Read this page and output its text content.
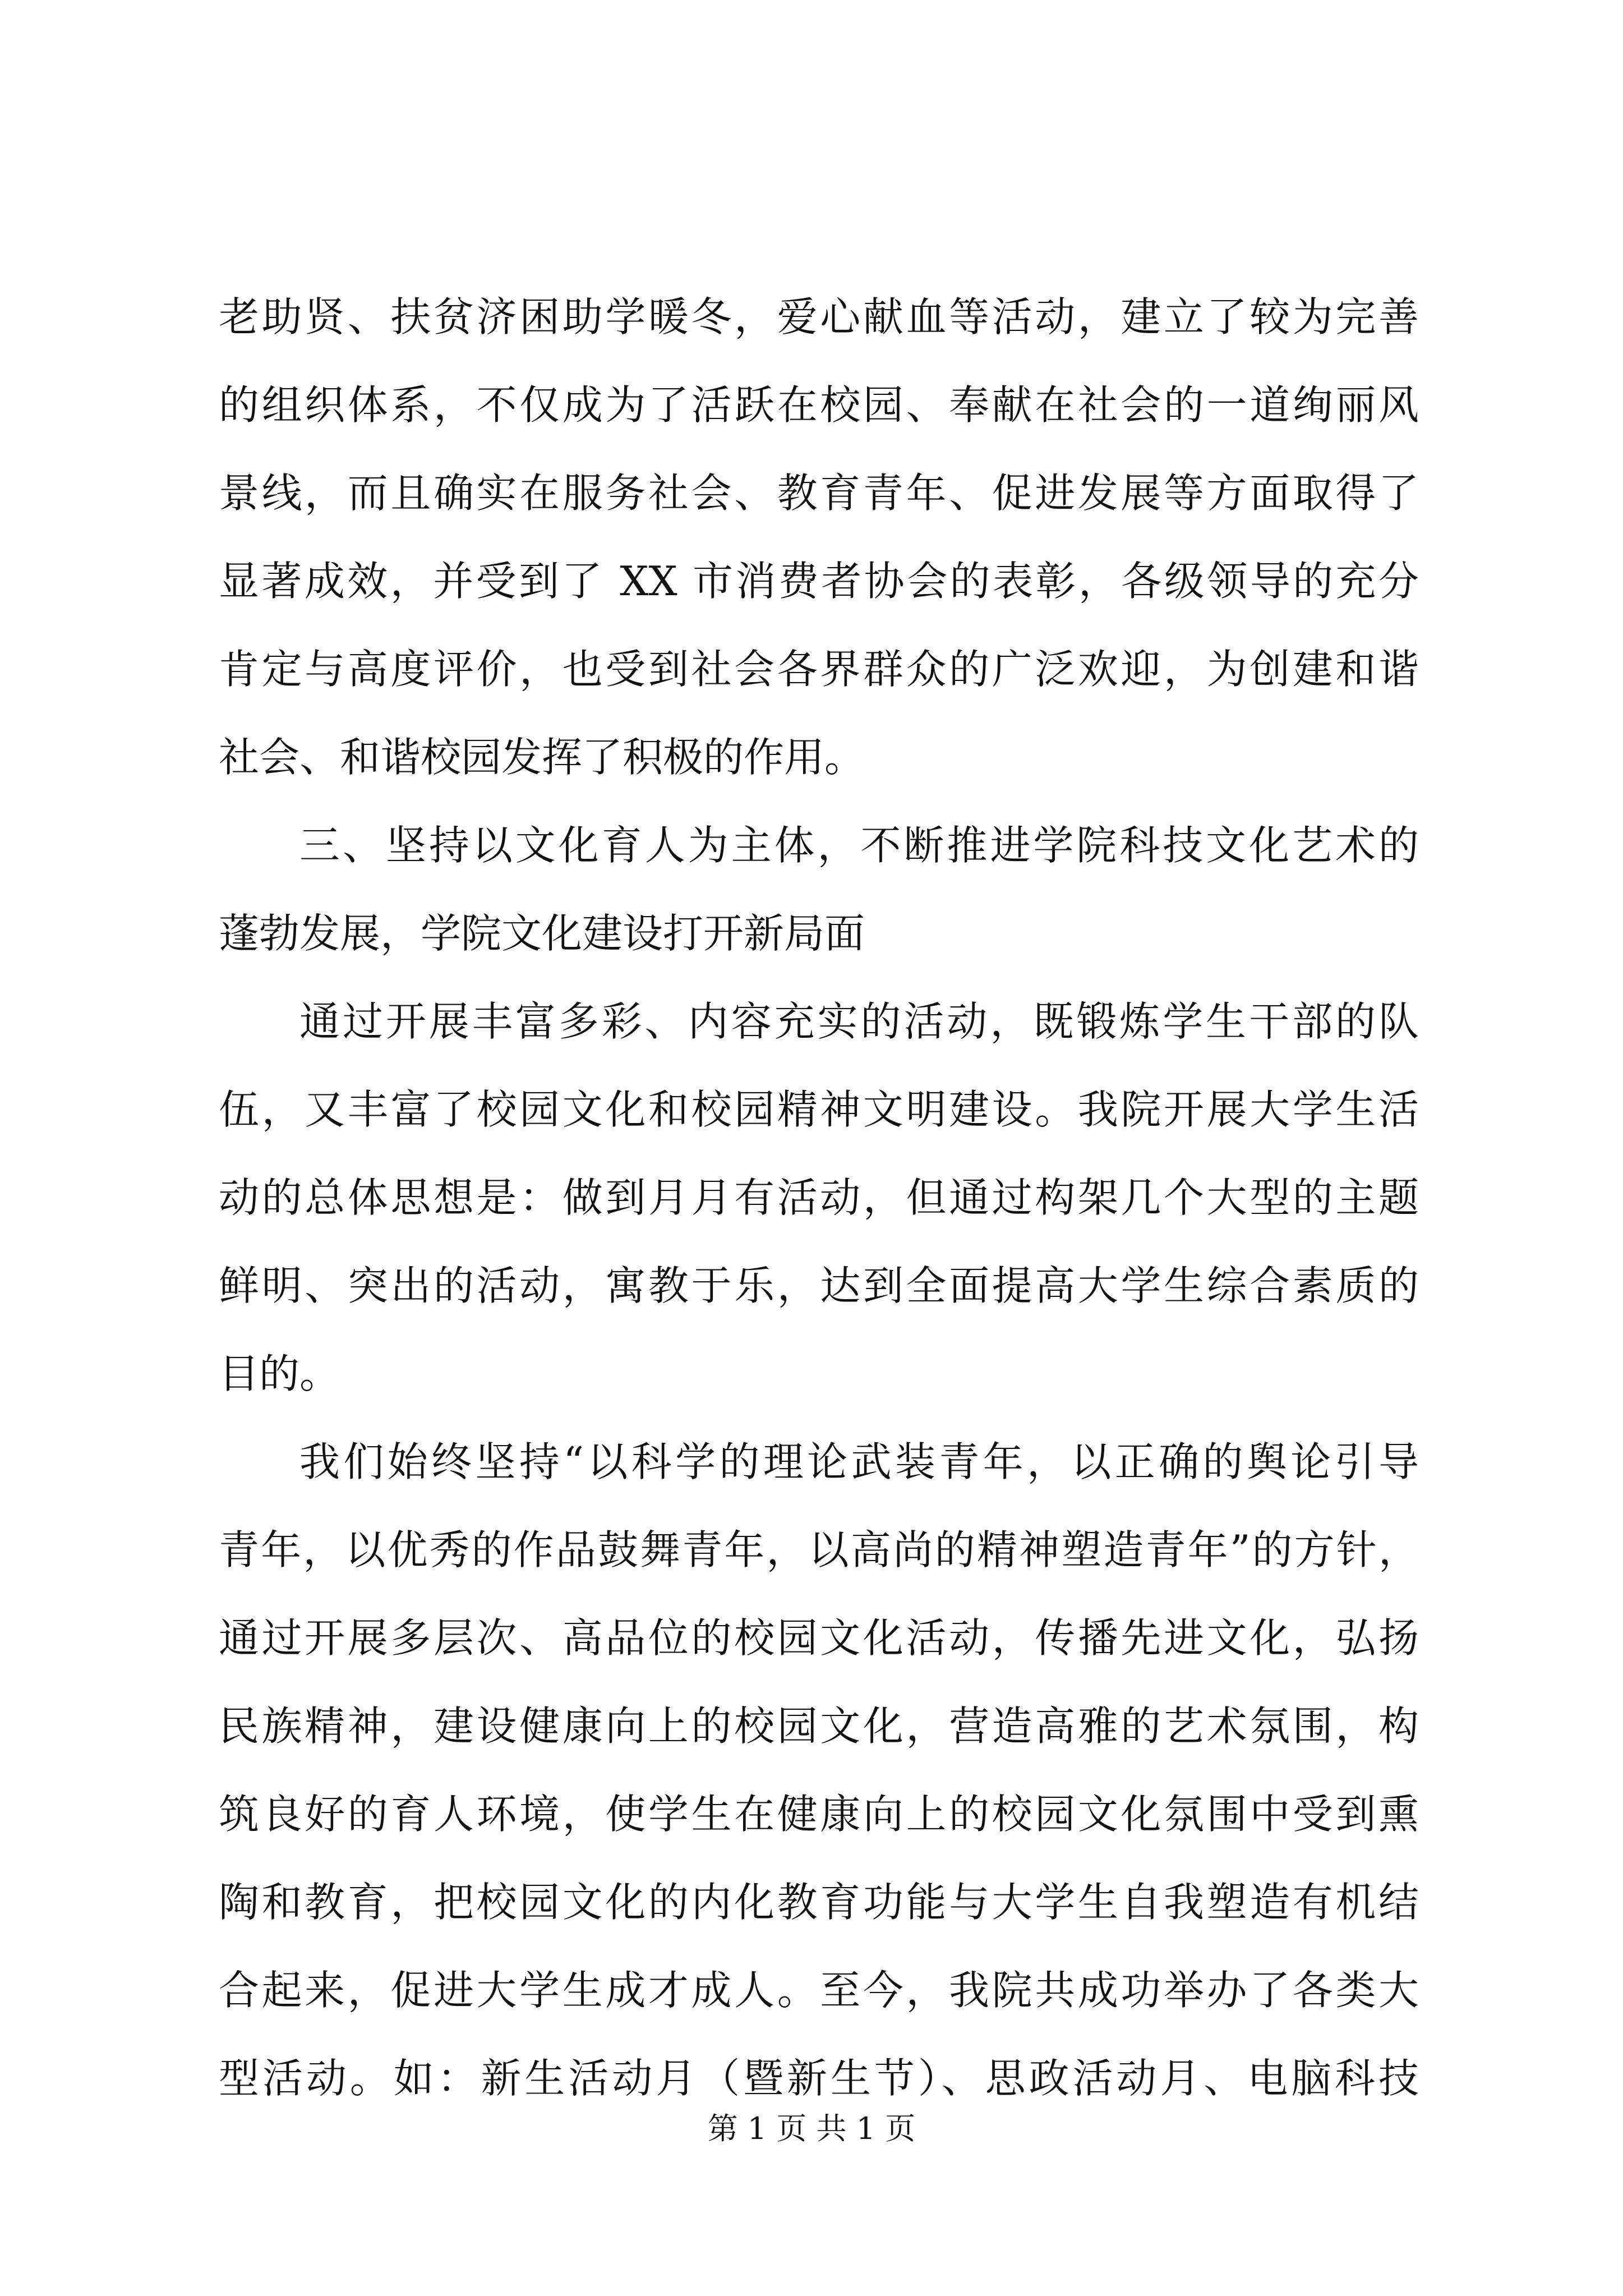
老助贤、扶贫济困助学暖冬，爱心献血等活动，建立了较为完善
的组织体系，不仅成为了活跃在校园、奉献在社会的一道绚丽风
景线，而且确实在服务社会、教育青年、促进发展等方面取得了
显著成效，并受到了 XX 市消费者协会的表彰，各级领导的充分
肯定与高度评价，也受到社会各界群众的广泛欢迎，为创建和谐
社会、和谐校园发挥了积极的作用。
三、坚持以文化育人为主体，不断推进学院科技文化艺术的
蓬勃发展，学院文化建设打开新局面
通过开展丰富多彩、内容充实的活动，既锻炼学生干部的队
伍，又丰富了校园文化和校园精神文明建设。我院开展大学生活
动的总体思想是：做到月月有活动，但通过构架几个大型的主题
鲜明、突出的活动，寓教于乐，达到全面提高大学生综合素质的
目的。
我们始终坚持“以科学的理论武装青年，以正确的舆论引导
青年，以优秀的作品鼓舞青年，以高尚的精神塑造青年”的方针，
通过开展多层次、高品位的校园文化活动，传播先进文化，弘扬
民族精神，建设健康向上的校园文化，营造高雅的艺术氛围，构
筑良好的育人环境，使学生在健康向上的校园文化氛围中受到熏
陶和教育，把校园文化的内化教育功能与大学生自我塑造有机结
合起来，促进大学生成才成人。至今，我院共成功举办了各类大
型活动。如：新生活动月（暨新生节）、思政活动月、电脑科技
第 1 页 共 1 页
